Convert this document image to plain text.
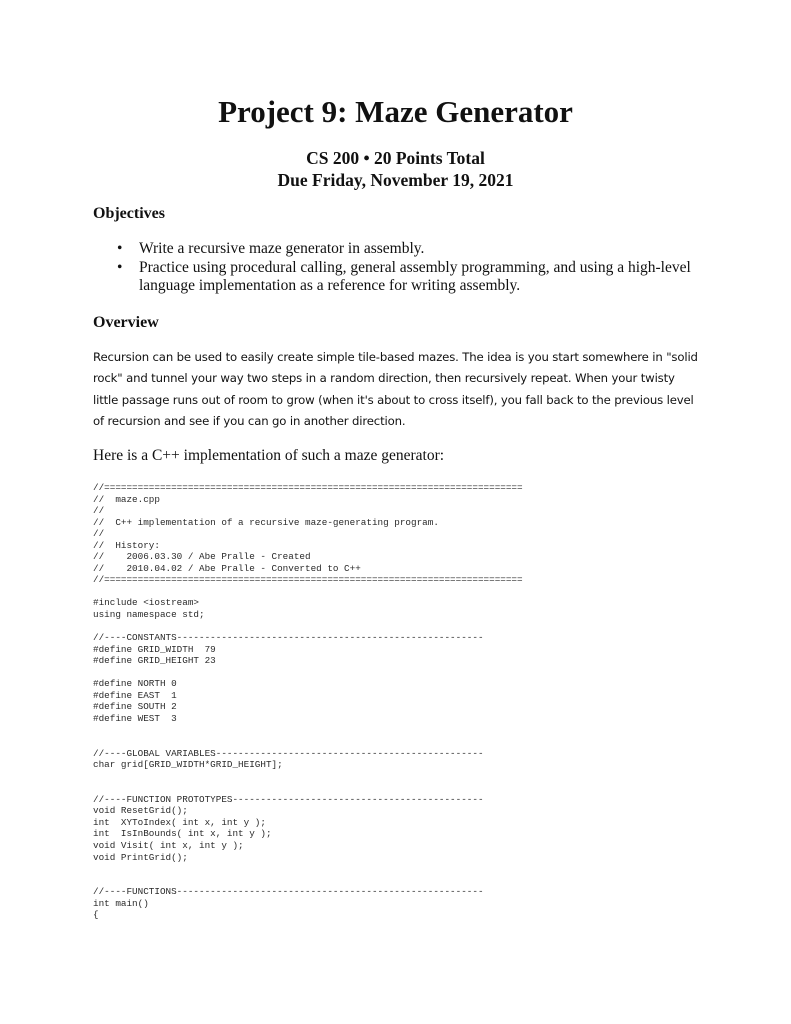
Project 9: Maze Generator

CS 200 • 20 Points Total

Due Friday, November 19, 2021

Objectives
• Write a recursive maze generator in assembly.
• Practice using procedural calling, general assembly programming, and using a high-level language implementation as a reference for writing assembly.
Overview

Recursion can be used to easily create simple tile-based mazes. The idea is you start somewhere in "solid rock" and tunnel your way two steps in a random direction, then recursively repeat. When your twisty little passage runs out of room to grow (when it's about to cross itself), you fall back to the previous level of recursion and see if you can go in another direction.

Here is a C++ implementation of such a maze generator:

//===========================================================================
//  maze.cpp
//
//  C++ implementation of a recursive maze-generating program.
//
//  History:
//    2006.03.30 / Abe Pralle - Created
//    2010.04.02 / Abe Pralle - Converted to C++
//===========================================================================
#include <iostream>
using namespace std;
//----CONSTANTS-------------------------------------------------------
#define GRID_WIDTH  79
#define GRID_HEIGHT 23
#define NORTH 0
#define EAST  1
#define SOUTH 2
#define WEST  3
//----GLOBAL VARIABLES------------------------------------------------
char grid[GRID_WIDTH*GRID_HEIGHT];
//----FUNCTION PROTOTYPES---------------------------------------------
void ResetGrid();
int  XYToIndex( int x, int y );
int  IsInBounds( int x, int y );
void Visit( int x, int y );
void PrintGrid();
//----FUNCTIONS-------------------------------------------------------
int main()
{
